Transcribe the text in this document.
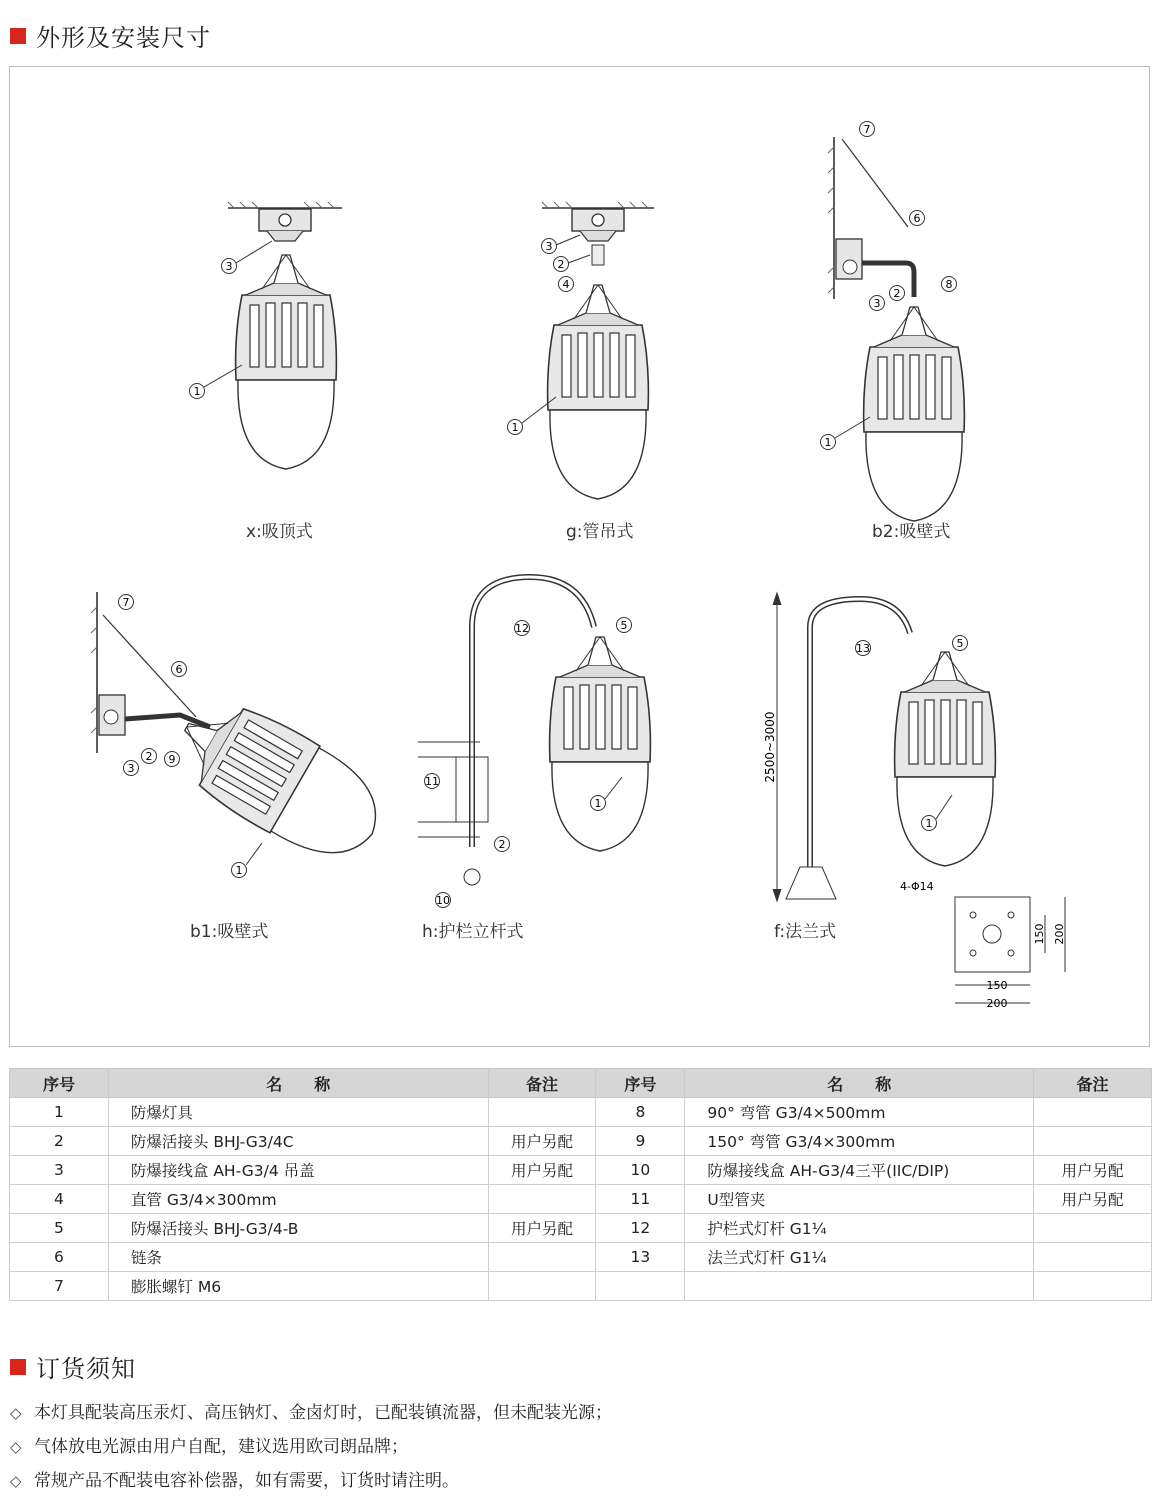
外形及安装尺寸
3
1
3
2
4
1
7
6
8
2
3
1
7
6
2 9
3
1
12	5
11
2
10
1
2500~3000
13	5
1
4-Φ14
150
200
150 200
x:吸顶式	g:管吊式	b2:吸壁式
b1:吸壁式	h:护栏立杆式	f:法兰式
序号	名　　称	备注	序号	名　　称	备注
1	防爆灯具		8	90° 弯管 G3/4×500mm	
2	防爆活接头 BHJ-G3/4C	用户另配	9	150° 弯管 G3/4×300mm	
3	防爆接线盒 AH-G3/4 吊盖	用户另配	10	防爆接线盒 AH-G3/4三平(IIC/DIP)	用户另配
4	直管 G3/4×300mm		11	U型管夹	用户另配
5	防爆活接头 BHJ-G3/4-B	用户另配	12	护栏式灯杆 G1¼	
6	链条		13	法兰式灯杆 G1¼	
7	膨胀螺钉 M6				
订货须知
◇ 本灯具配装高压汞灯、高压钠灯、金卤灯时，已配装镇流器，但未配装光源；
◇ 气体放电光源由用户自配，建议选用欧司朗品牌；
◇ 常规产品不配装电容补偿器，如有需要，订货时请注明。
